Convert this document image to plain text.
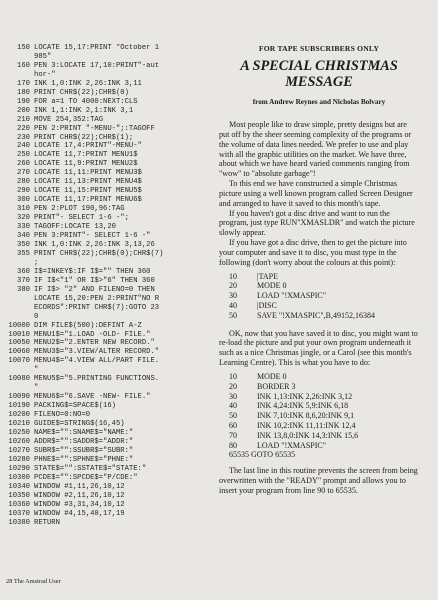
150 LOCATE 15,17:PRINT "October 1
985"
160 PEN 3:LOCATE 17,10:PRINT"-aut
hor-"
170 INK 1,0:INK 2,26:INK 3,11
180 PRINT CHR$(22);CHR$(0)
190 FOR a=1 TO 4000:NEXT:CLS
200 INK 1,1:INK 2,1:INK 3,1
210 MOVE 254,352:TAG
220 PEN 2:PRINT "-MENU-";:TAGOFF
230 PRINT CHR$(22);CHR$(1);
240 LOCATE 17,4:PRINT"-MENU-"
250 LOCATE 11,7:PRINT MENU1$
260 LOCATE 11,9:PRINT MENU2$
270 LOCATE 11,11:PRINT MENU3$
280 LOCATE 11,13:PRINT MENU4$
290 LOCATE 11,15:PRINT MENU5$
300 LOCATE 11,17:PRINT MENU6$
310 PEN 2:PLOT 190,96:TAG
320 PRINT"- SELECT 1-6 -";
330 TAGOFF:LOCATE 13,20
340 PEN 3:PRINT"- SELECT 1-6 -"
350 INK 1,0:INK 2,26:INK 3,13,26
355 PRINT CHR$(22);CHR$(0);CHR$(7)
;
360 I$=INKEY$:IF I$="" THEN 360
370 IF I$<"1" OR I$>"6" THEN 360
380 IF I$> "2" AND FILENO=0 THEN
LOCATE 15,20:PEN 2:PRINT"NO R
ECORDS":PRINT CHR$(7):GOTO 23
0
10000 DIM FILE$(500):DEFINT A-Z
10010 MENU1$="1.LOAD -OLD- FILE."
10050 MENU2$="2.ENTER NEW RECORD."
10060 MENU3$="3.VIEW/ALTER RECORD."
10070 MENU4$="4.VIEW ALL/PART FILE.
"
10080 MENU5$="5.PRINTING FUNCTIONS.
"
10090 MENU6$="6.SAVE -NEW- FILE."
10190 PACKING$=SPACE$(16)
10200 FILENO=0:NO=0
10210 GUIDE$=STRING$(16,45)
10250 NAME$="":SNAME$="NAME:"
10260 ADDR$="":SADDR$="ADDR:"
10270 SUBR$="":SSUBR$="SUBR:"
10280 PHNE$="":SPHNE$="PHNE:"
10290 STATE$="":SSTATE$="STATE:"
10300 PCDE$="":SPCDE$="P/CDE:"
10340 WINDOW #1,11,26,10,12
10350 WINDOW #2,11,26,10,12
10360 WINDOW #3,31,34,10,12
10370 WINDOW #4,15,40,17,19
10380 RETURN
FOR TAPE SUBSCRIBERS ONLY
A SPECIAL CHRISTMAS
MESSAGE
from Andrew Reynes and Nicholas Bolvary

Most people like to draw simple, pretty designs but are put off by the sheer seeming complexity of the programs or the volume of data lines needed. We prefer to use and play with all the graphic utilities on the market. We have three, about which we have heard varied comments ranging from "wow" to "absolute garbage"!

To this end we have constructed a simple Christmas picture using a well known program called Screen Designer and arranged to have it saved to this month's tape.

If you haven't got a disc drive and want to run the program, just type RUN"XMASLDR" and watch the picture slowly appear.

If you have got a disc drive, then to get the picture into your computer and save it to disc, you must type in the following (don't worry about the colours at this point):

10	|TAPE
20	MODE 0
30	LOAD "!XMASPIC"
40	|DISC
50	SAVE "!XMASPIC",B,49152,16384

OK, now that you have saved it to disc, you might want to re-load the picture and put your own program underneath it such as a nice Christmas jingle, or a Carol (see this month's Learning Centre). This is what you have to do:

10	MODE 0
20	BORDER 3
30	INK 1,13:INK 2,26:INK 3,12
40	INK 4,24:INK 5,9:INK 6,18
50	INK 7,10:INK 8,6,20:INK 9,1
60	INK 10,2:INK 11,11:INK 12,4
70	INK 13,8,0:INK 14,3:INK 15,6
80	LOAD "!XMASPIC"
65535 GOTO 65535

The last line in this routine prevents the screen from being overwritten with the "READY" prompt and allows you to insert your program from line 90 to 65535.

28 The Amstrad User
